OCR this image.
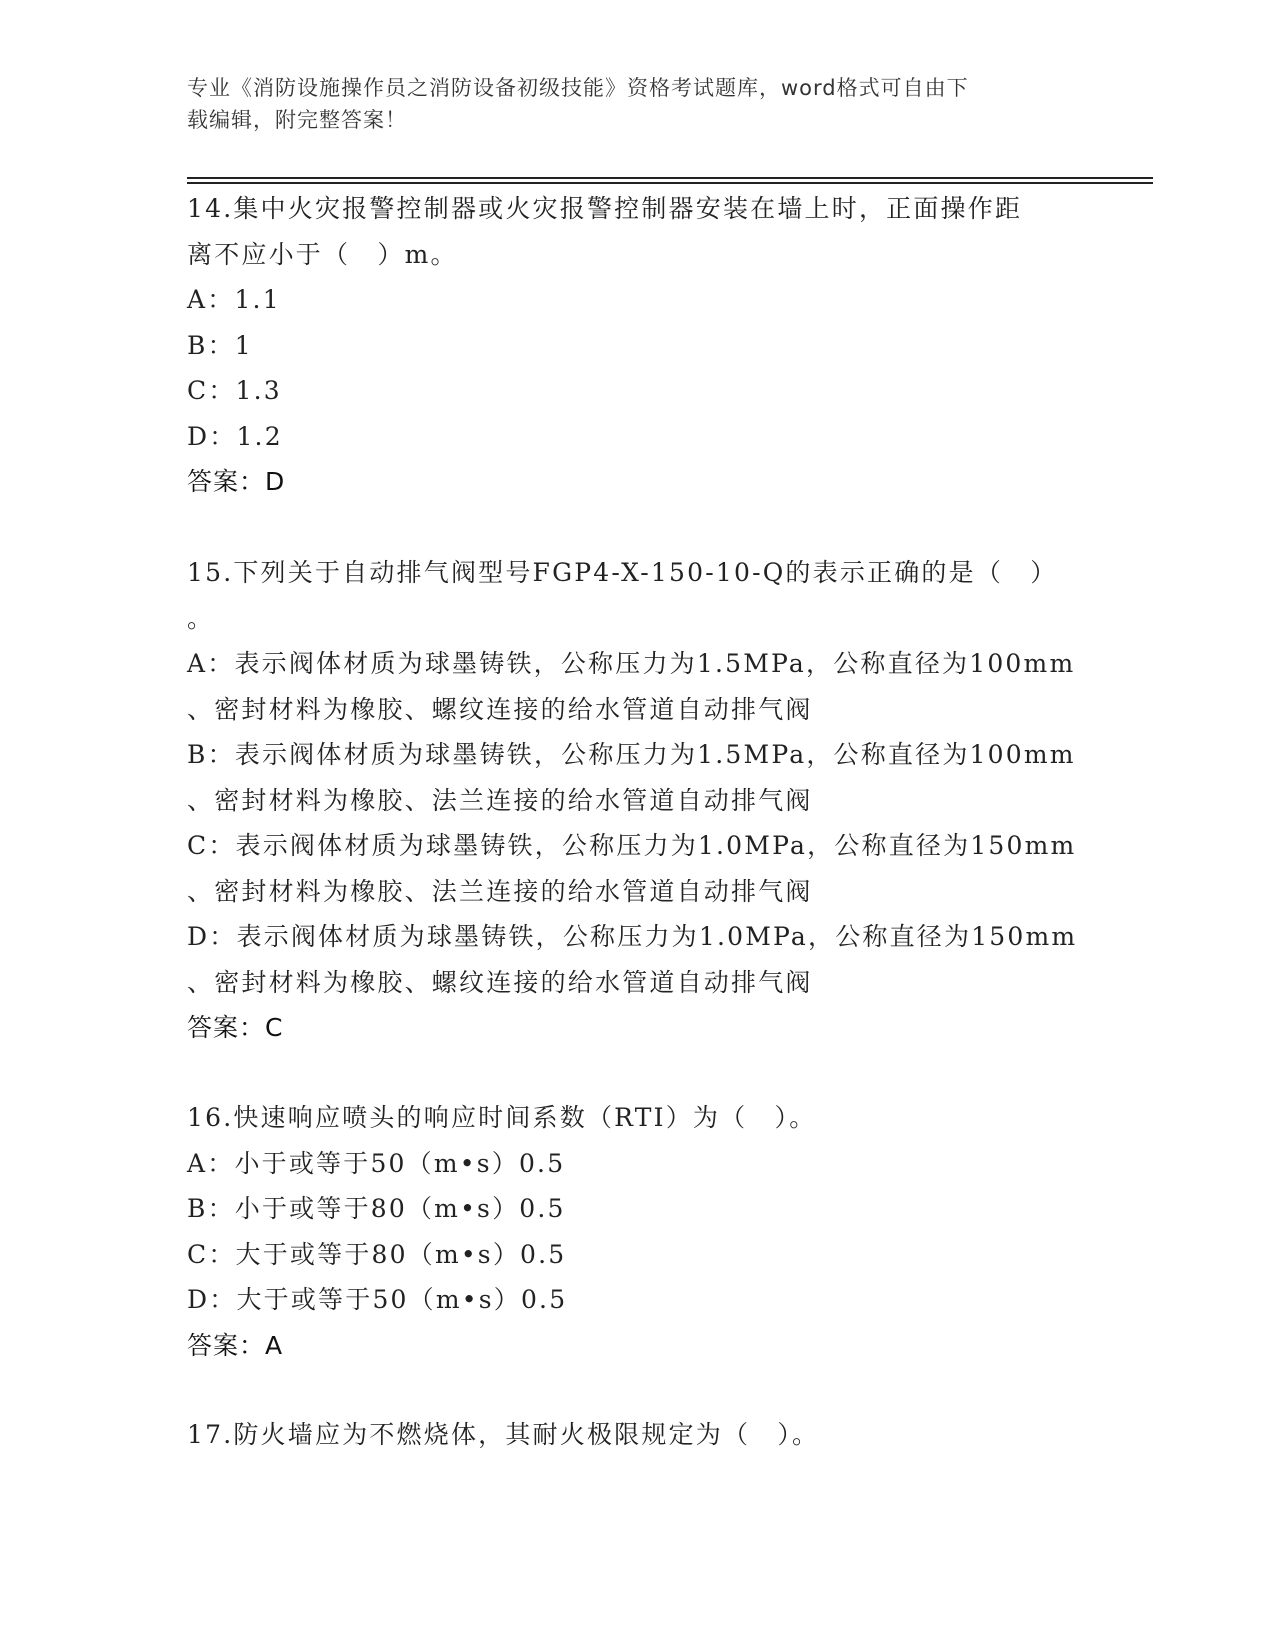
专业《消防设施操作员之消防设备初级技能》资格考试题库，word格式可自由下
载编辑，附完整答案！
14.集中火灾报警控制器或火灾报警控制器安装在墙上时，正面操作距
离不应小于（　）m。
A：1.1
B：1
C：1.3
D：1.2
答案：D
15.下列关于自动排气阀型号FGP4-X-150-10-Q的表示正确的是（　）
。
A：表示阀体材质为球墨铸铁，公称压力为1.5MPa，公称直径为100mm
、密封材料为橡胶、螺纹连接的给水管道自动排气阀
B：表示阀体材质为球墨铸铁，公称压力为1.5MPa，公称直径为100mm
、密封材料为橡胶、法兰连接的给水管道自动排气阀
C：表示阀体材质为球墨铸铁，公称压力为1.0MPa，公称直径为150mm
、密封材料为橡胶、法兰连接的给水管道自动排气阀
D：表示阀体材质为球墨铸铁，公称压力为1.0MPa，公称直径为150mm
、密封材料为橡胶、螺纹连接的给水管道自动排气阀
答案：C
16.快速响应喷头的响应时间系数（RTI）为（　）。
A：小于或等于50（m•s）0.5
B：小于或等于80（m•s）0.5
C：大于或等于80（m•s）0.5
D：大于或等于50（m•s）0.5
答案：A
17.防火墙应为不燃烧体，其耐火极限规定为（　）。
